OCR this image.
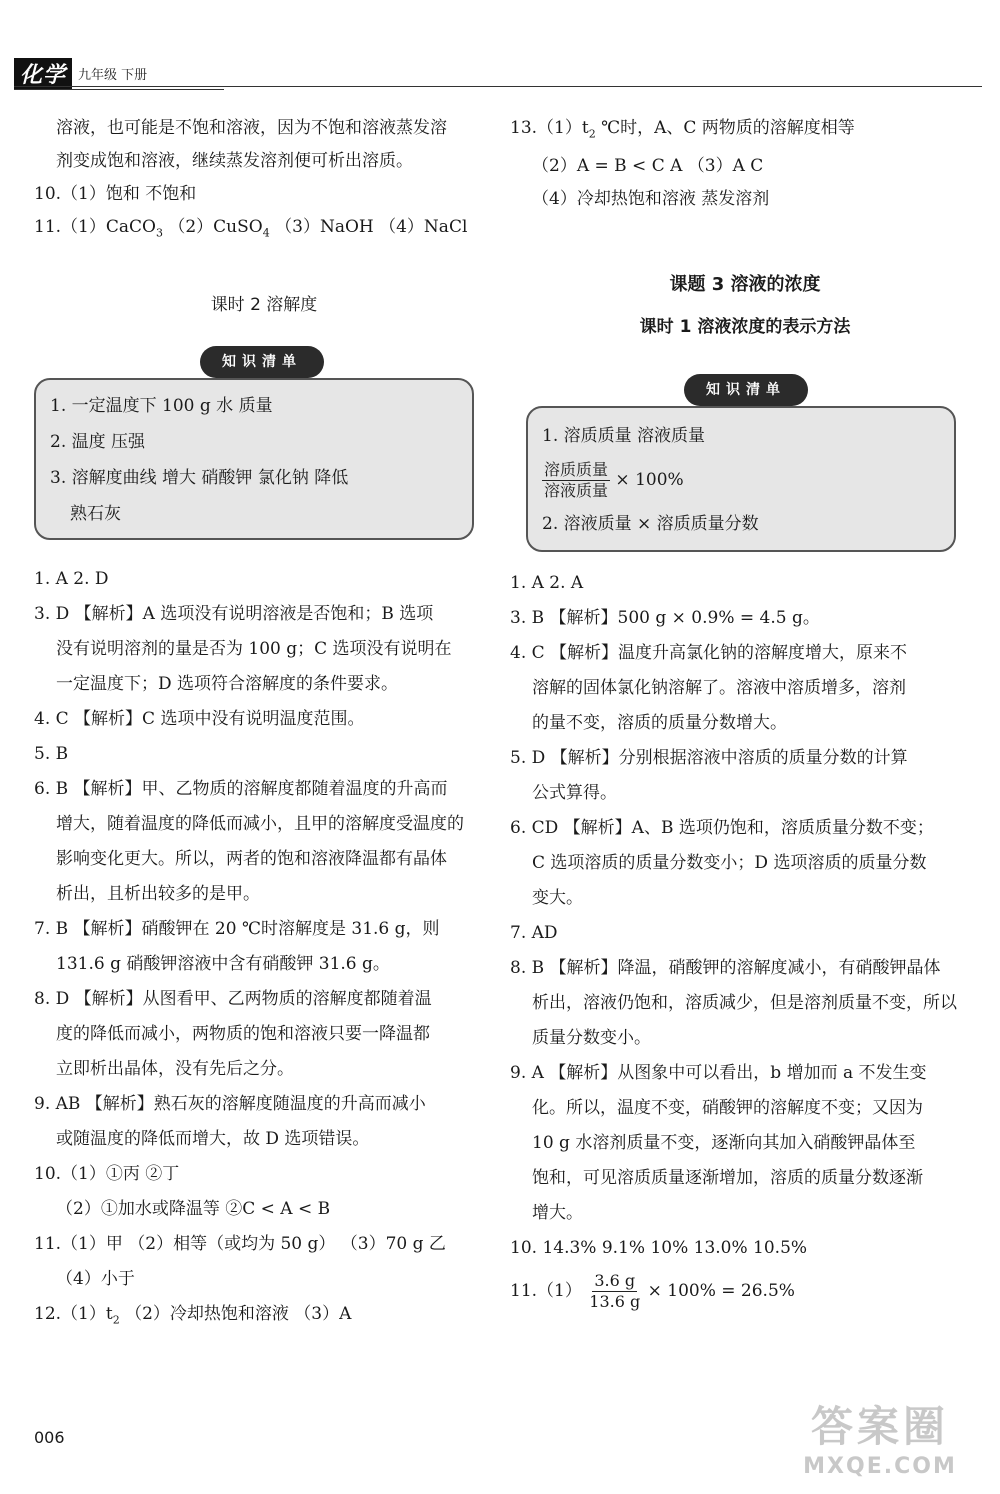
化学 九年级 下册
溶液，也可能是不饱和溶液，因为不饱和溶液蒸发溶
剂变成饱和溶液，继续蒸发溶剂便可析出溶质。
10.（1）饱和 不饱和
11.（1）CaCO$_3$ （2）CuSO$_4$ （3）NaOH （4）NaCl
课时 2 溶解度
知识清单
1. 一定温度下 100 g 水 质量
2. 温度 压强
3. 溶解度曲线 增大 硝酸钾 氯化钠 降低
熟石灰
1. A 2. D
3. D 【解析】A 选项没有说明溶液是否饱和；B 选项
没有说明溶剂的量是否为 100 g；C 选项没有说明在
一定温度下；D 选项符合溶解度的条件要求。
4. C 【解析】C 选项中没有说明温度范围。
5. B
6. B 【解析】甲、乙物质的溶解度都随着温度的升高而
增大，随着温度的降低而减小，且甲的溶解度受温度的
影响变化更大。所以，两者的饱和溶液降温都有晶体
析出，且析出较多的是甲。
7. B 【解析】硝酸钾在 20 ℃时溶解度是 31.6 g，则
131.6 g 硝酸钾溶液中含有硝酸钾 31.6 g。
8. D 【解析】从图看甲、乙两物质的溶解度都随着温
度的降低而减小，两物质的饱和溶液只要一降温都
立即析出晶体，没有先后之分。
9. AB 【解析】熟石灰的溶解度随温度的升高而减小
或随温度的降低而增大，故 D 选项错误。
10.（1）①丙 ②丁
（2）①加水或降温等 ②C < A < B
11.（1）甲 （2）相等（或均为 50 g） （3）70 g 乙
（4）小于
$12.(1)t_2$ （2）冷却热饱和溶液 （3）A
$13.(1)t_2$ ℃时，A、C 两物质的溶解度相等
（2）A = B < C A （3）A C
（4）冷却热饱和溶液 蒸发溶剂
课题 3 溶液的浓度
课时 1 溶液浓度的表示方法
知识清单
1. 溶质质量 溶液质量
$\frac{\text{溶质质量}}{\text{溶液质量}} \times 100\%$
2. 溶液质量 × 溶质质量分数
1. A 2. A
3. B 【解析】500 g × 0.9% = 4.5 g。
4. C 【解析】温度升高氯化钠的溶解度增大，原来不
溶解的固体氯化钠溶解了。溶液中溶质增多，溶剂
的量不变，溶质的质量分数增大。
5. D 【解析】分别根据溶液中溶质的质量分数的计算
公式算得。
6. CD 【解析】A、B 选项仍饱和，溶质质量分数不变；
C 选项溶质的质量分数变小；D 选项溶质的质量分数
变大。
7. AD
8. B 【解析】降温，硝酸钾的溶解度减小，有硝酸钾晶体
析出，溶液仍饱和，溶质减少，但是溶剂质量不变，所以
质量分数变小。
9. A 【解析】从图象中可以看出，b 增加而 a 不发生变
化。所以，温度不变，硝酸钾的溶解度不变；又因为
10 g 水溶剂质量不变，逐渐向其加入硝酸钾晶体至
饱和，可见溶质质量逐渐增加，溶质的质量分数逐渐
增大。
10. 14.3% 9.1% 10% 13.0% 10.5%
$11.(1) \frac{3.6 g}{13.6 g} \times 100\% = 26.5\%$
006	答案圈
MXQE.COM
